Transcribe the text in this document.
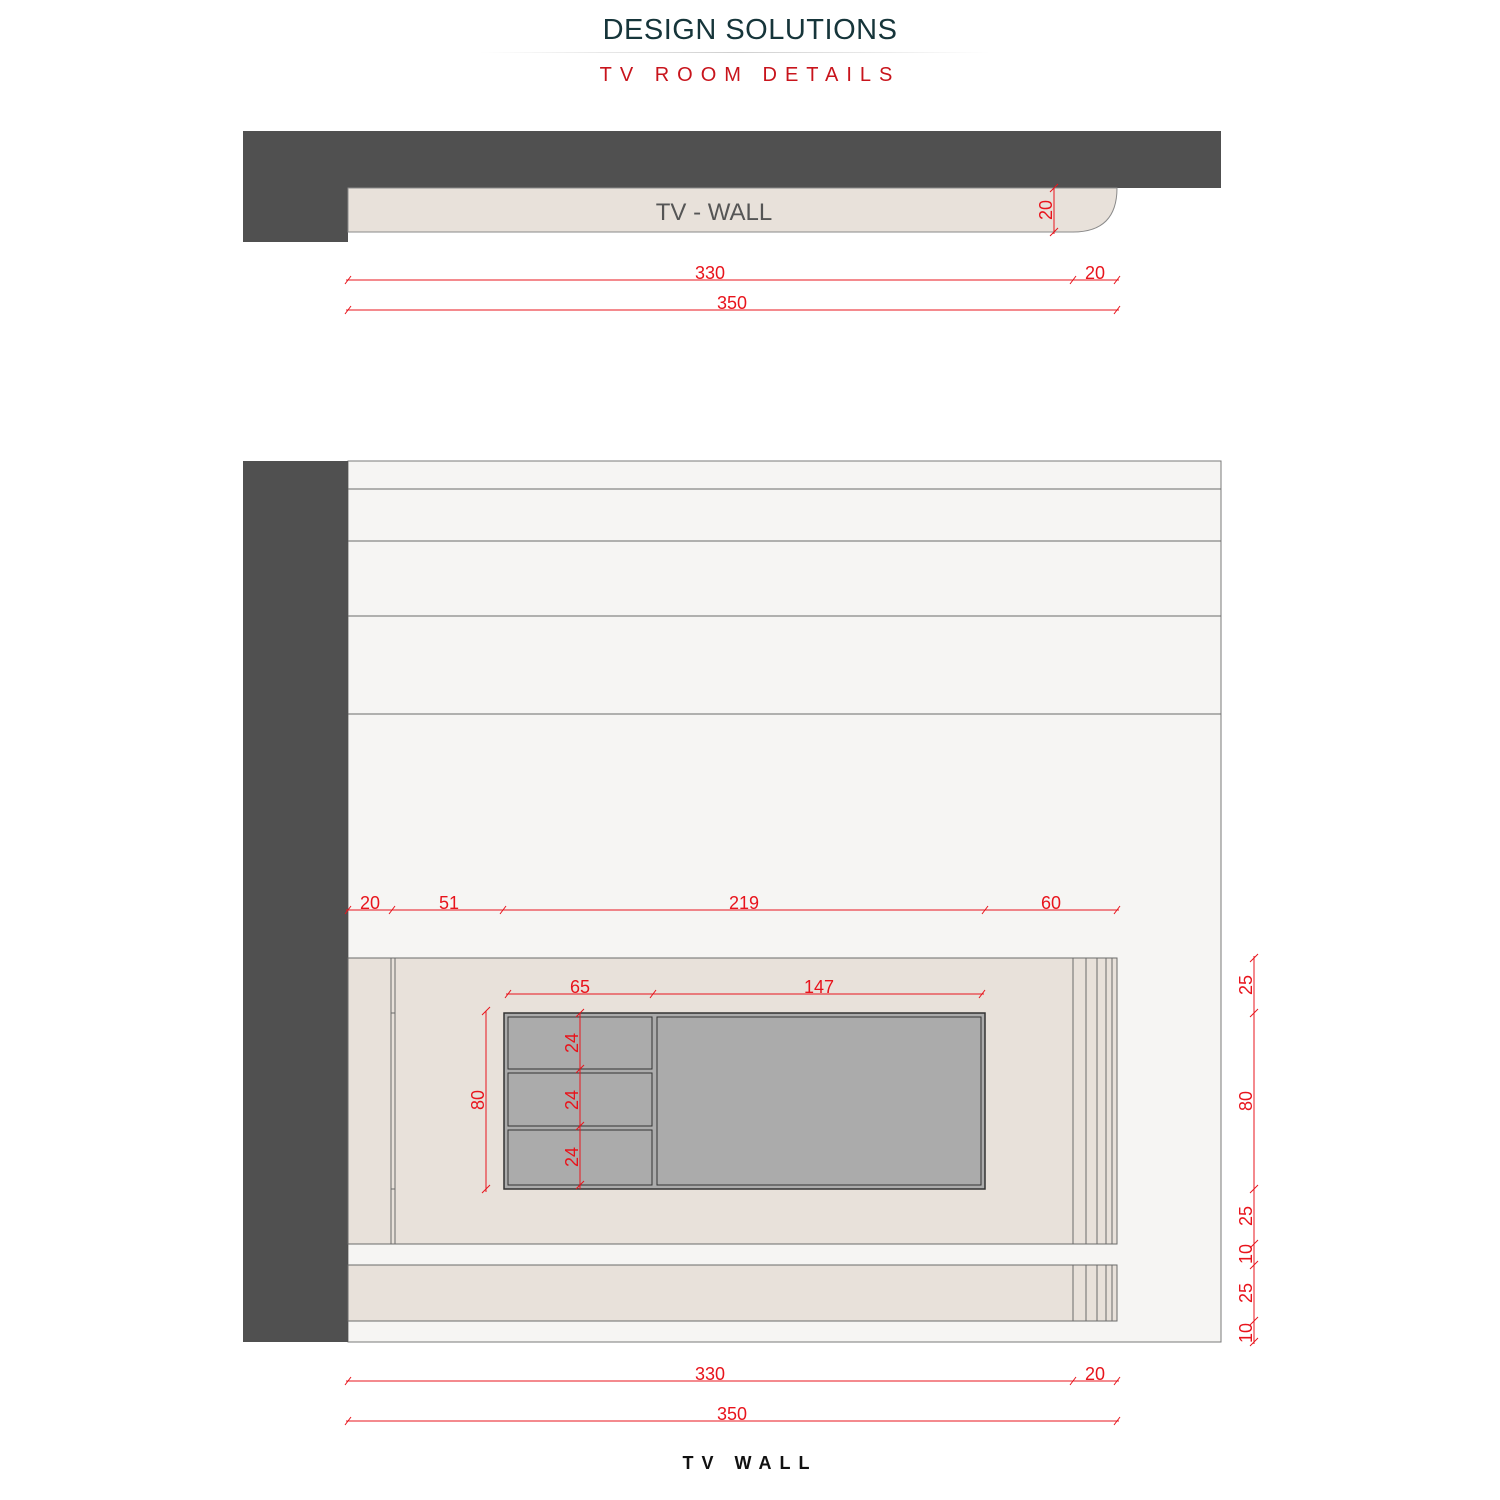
DESIGN SOLUTIONS
TV ROOM DETAILS
TV - WALL	20
330	20
350
20	51	219	60
65	147
24
24
24
80
25
80
25
10
25
10
330	20
350
TV WALL
